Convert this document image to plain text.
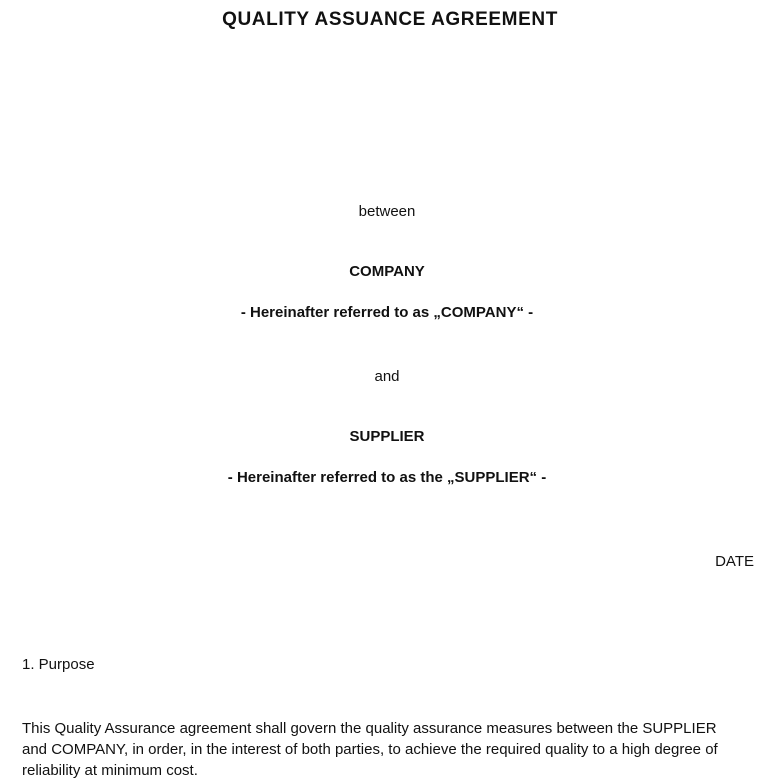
QUALITY ASSUANCE AGREEMENT
between
COMPANY
- Hereinafter referred to as „COMPANY“ -
and
SUPPLIER
- Hereinafter referred to as the „SUPPLIER“ -
DATE
1. Purpose
This Quality Assurance agreement shall govern the quality assurance measures between the SUPPLIER
and COMPANY, in order, in the interest of both parties, to achieve the required quality to a high degree of
reliability at minimum cost.
